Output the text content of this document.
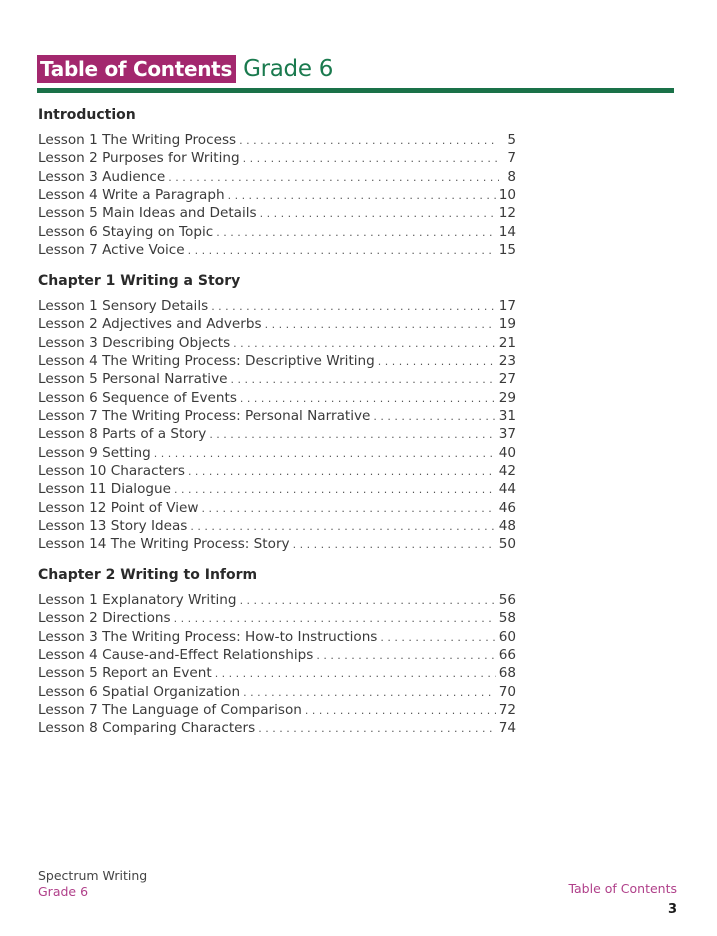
Table of Contents Grade 6
Introduction
Lesson 1 The Writing Process . . .	5
Lesson 2 Purposes for Writing . . .	7
Lesson 3 Audience . . .	8
Lesson 4 Write a Paragraph . . .	10
Lesson 5 Main Ideas and Details . . .	12
Lesson 6 Staying on Topic . . .	14
Lesson 7 Active Voice . . .	15
Chapter 1 Writing a Story
Lesson 1 Sensory Details . . .	17
Lesson 2 Adjectives and Adverbs . . .	19
Lesson 3 Describing Objects . . .	21
Lesson 4 The Writing Process: Descriptive Writing . . .	23
Lesson 5 Personal Narrative . . .	27
Lesson 6 Sequence of Events . . .	29
Lesson 7 The Writing Process: Personal Narrative . . .	31
Lesson 8 Parts of a Story . . .	37
Lesson 9 Setting . . .	40
Lesson 10 Characters . . .	42
Lesson 11 Dialogue . . .	44
Lesson 12 Point of View . . .	46
Lesson 13 Story Ideas . . .	48
Lesson 14 The Writing Process: Story . . .	50
Chapter 2 Writing to Inform
Lesson 1 Explanatory Writing . . .	56
Lesson 2 Directions . . .	58
Lesson 3 The Writing Process: How-to Instructions . . .	60
Lesson 4 Cause-and-Effect Relationships . . .	66
Lesson 5 Report an Event . . .	68
Lesson 6 Spatial Organization . . .	70
Lesson 7 The Language of Comparison . . .	72
Lesson 8 Comparing Characters . . .	74
Spectrum Writing
Grade 6	Table of Contents
3
